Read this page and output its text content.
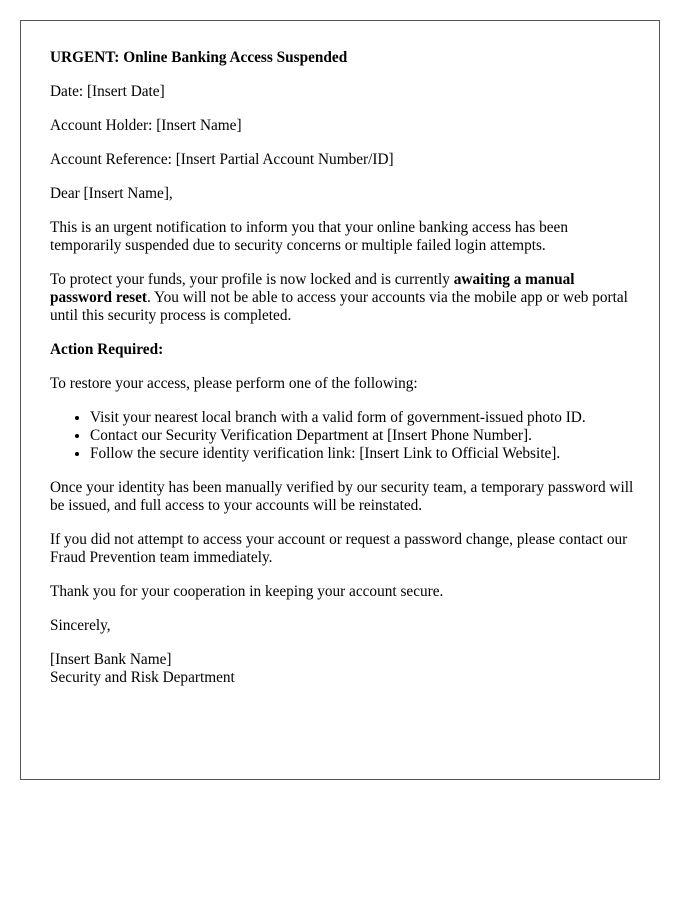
URGENT: Online Banking Access Suspended

Date: [Insert Date]

Account Holder: [Insert Name]

Account Reference: [Insert Partial Account Number/ID]

Dear [Insert Name],

This is an urgent notification to inform you that your online banking access has been temporarily suspended due to security concerns or multiple failed login attempts.

To protect your funds, your profile is now locked and is currently awaiting a manual password reset. You will not be able to access your accounts via the mobile app or web portal until this security process is completed.

Action Required:

To restore your access, please perform one of the following:

• Visit your nearest local branch with a valid form of government-issued photo ID.
• Contact our Security Verification Department at [Insert Phone Number].
• Follow the secure identity verification link: [Insert Link to Official Website].

Once your identity has been manually verified by our security team, a temporary password will be issued, and full access to your accounts will be reinstated.

If you did not attempt to access your account or request a password change, please contact our Fraud Prevention team immediately.

Thank you for your cooperation in keeping your account secure.

Sincerely,

[Insert Bank Name]
Security and Risk Department
